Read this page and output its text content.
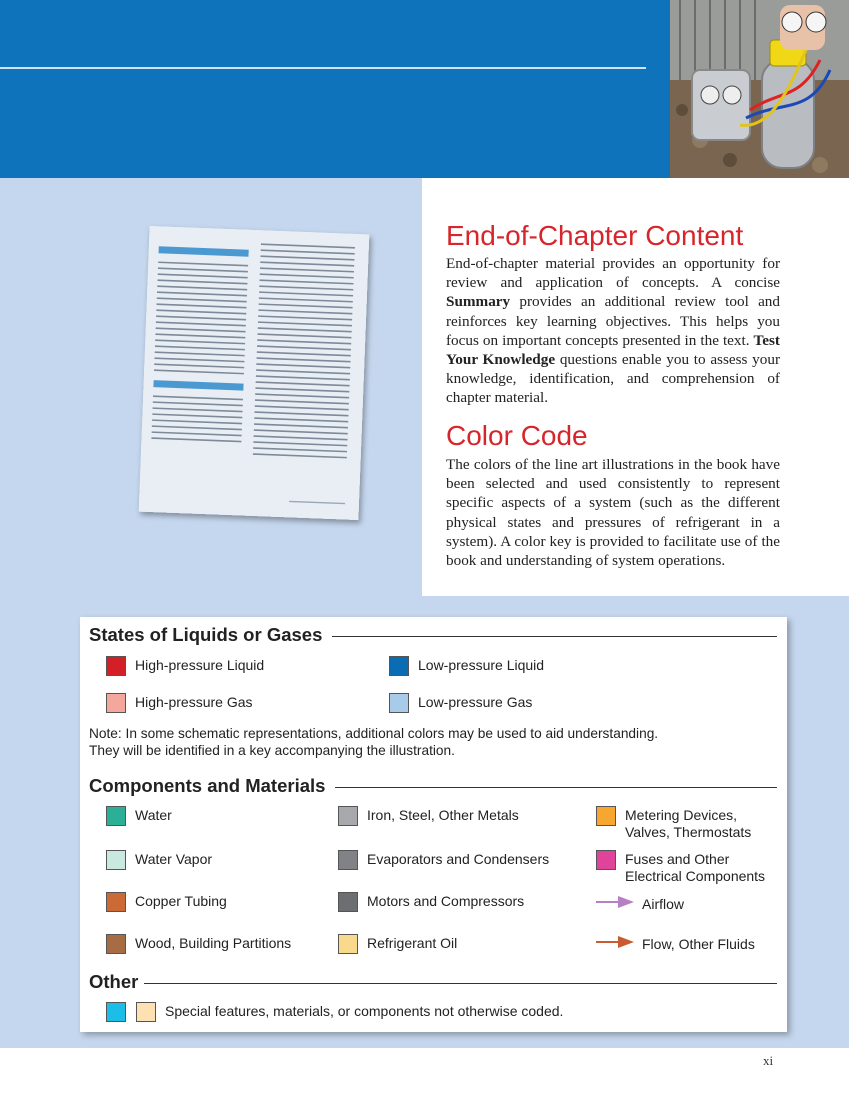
End-of-Chapter Content

End-of-chapter material provides an opportunity for review and application of concepts. A concise Summary provides an additional review tool and reinforces key learning objectives. This helps you focus on important concepts presented in the text. Test Your Knowledge questions enable you to assess your knowledge, identification, and comprehension of chapter material.

Color Code

The colors of the line art illustrations in the book have been selected and used consistently to represent specific aspects of a system (such as the different physical states and pressures of refrigerant in a system). A color key is provided to facilitate use of the book and understanding of system operations.

States of Liquids or Gases
High-pressure Liquid	Low-pressure Liquid
High-pressure Gas	Low-pressure Gas
Note: In some schematic representations, additional colors may be used to aid understanding.
They will be identified in a key accompanying the illustration.
Components and Materials
Water	Iron, Steel, Other Metals	Metering Devices,
Valves, Thermostats
Water Vapor	Evaporators and Condensers	Fuses and Other
Electrical Components
Copper Tubing	Motors and Compressors	Airflow
Wood, Building Partitions	Refrigerant Oil	Flow, Other Fluids
Other
Special features, materials, or components not otherwise coded.
xi
